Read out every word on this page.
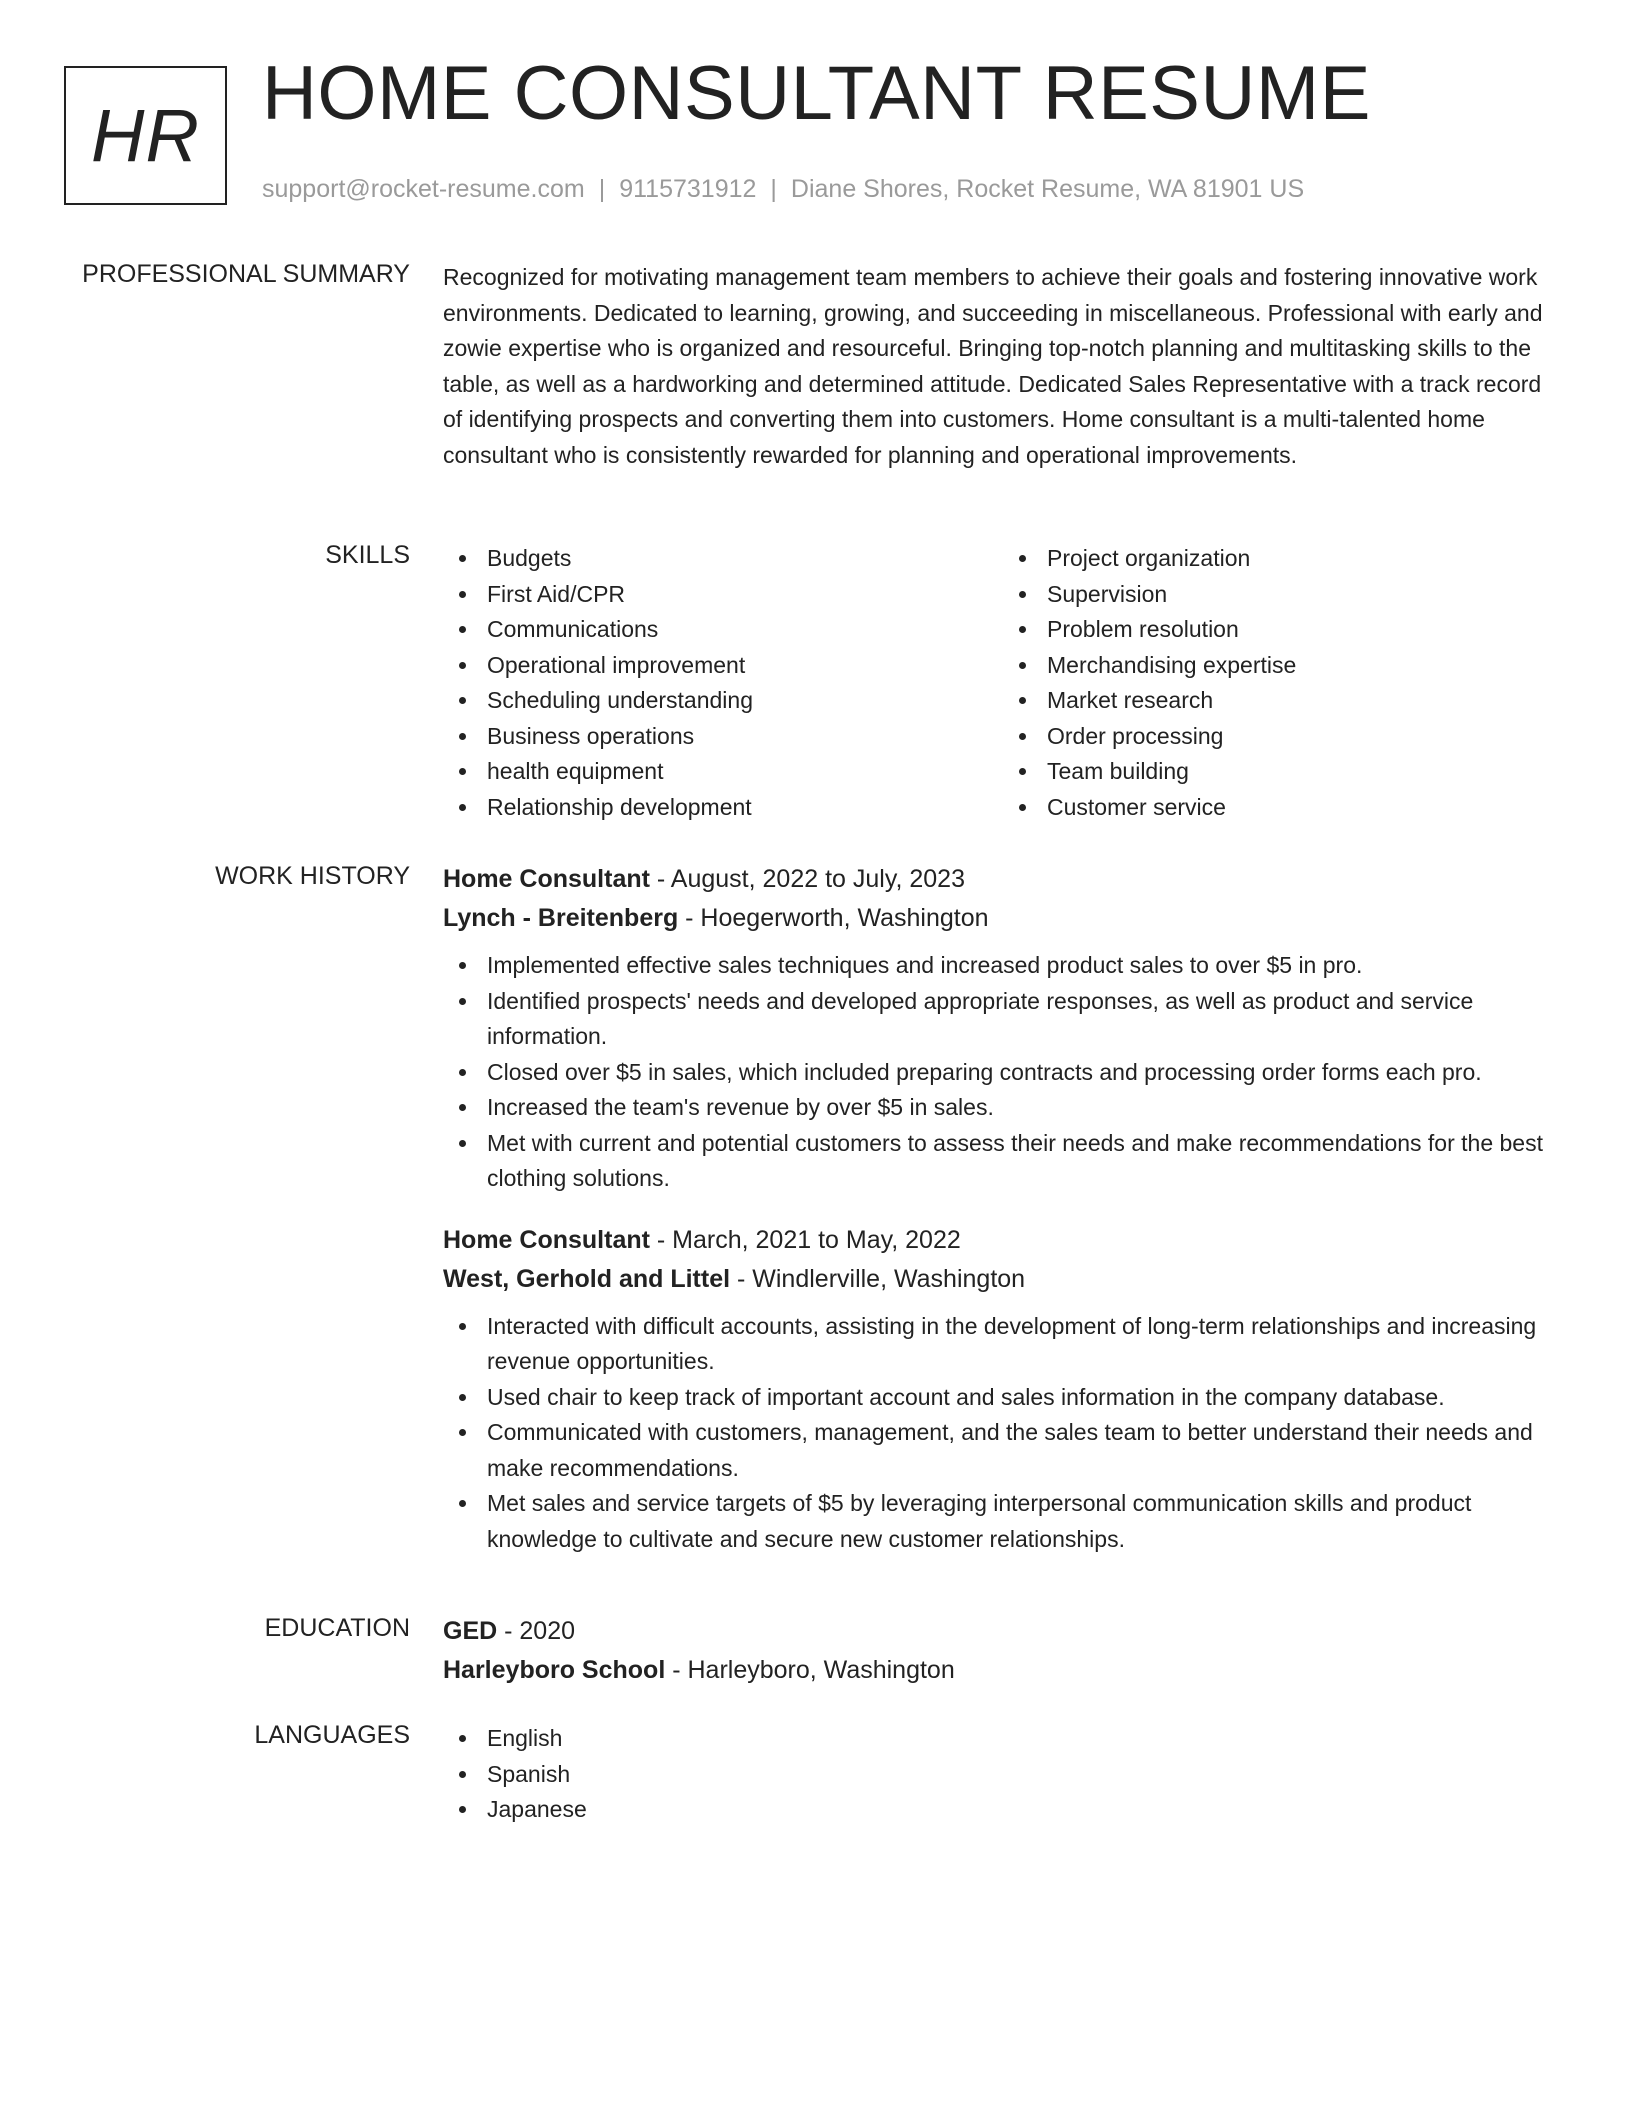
HR HOME CONSULTANT RESUME
support@rocket-resume.com | 9115731912 | Diane Shores, Rocket Resume, WA 81901 US
PROFESSIONAL SUMMARY Recognized for motivating management team members to achieve their goals and fostering innovative work environments. Dedicated to learning, growing, and succeeding in miscellaneous. Professional with early and zowie expertise who is organized and resourceful. Bringing top-notch planning and multitasking skills to the table, as well as a hardworking and determined attitude. Dedicated Sales Representative with a track record of identifying prospects and converting them into customers. Home consultant is a multi-talented home consultant who is consistently rewarded for planning and operational improvements.
SKILLS	Budgets
First Aid/CPR
Communications
Operational improvement
Scheduling understanding
Business operations
health equipment
Relationship development
Project organization
Supervision
Problem resolution
Merchandising expertise
Market research
Order processing
Team building
Customer service
WORK HISTORY Home Consultant - August, 2022 to July, 2023
Lynch - Breitenberg - Hoegerworth, Washington
Implemented effective sales techniques and increased product sales to over $5 in pro.
Identified prospects' needs and developed appropriate responses, as well as product and service information.
Closed over $5 in sales, which included preparing contracts and processing order forms each pro.
Increased the team's revenue by over $5 in sales.
Met with current and potential customers to assess their needs and make recommendations for the best clothing solutions.
Home Consultant - March, 2021 to May, 2022
West, Gerhold and Littel - Windlerville, Washington
Interacted with difficult accounts, assisting in the development of long-term relationships and increasing revenue opportunities.
Used chair to keep track of important account and sales information in the company database.
Communicated with customers, management, and the sales team to better understand their needs and make recommendations.
Met sales and service targets of $5 by leveraging interpersonal communication skills and product knowledge to cultivate and secure new customer relationships.
EDUCATION GED - 2020
Harleyboro School - Harleyboro, Washington
LANGUAGES	English
Spanish
Japanese
